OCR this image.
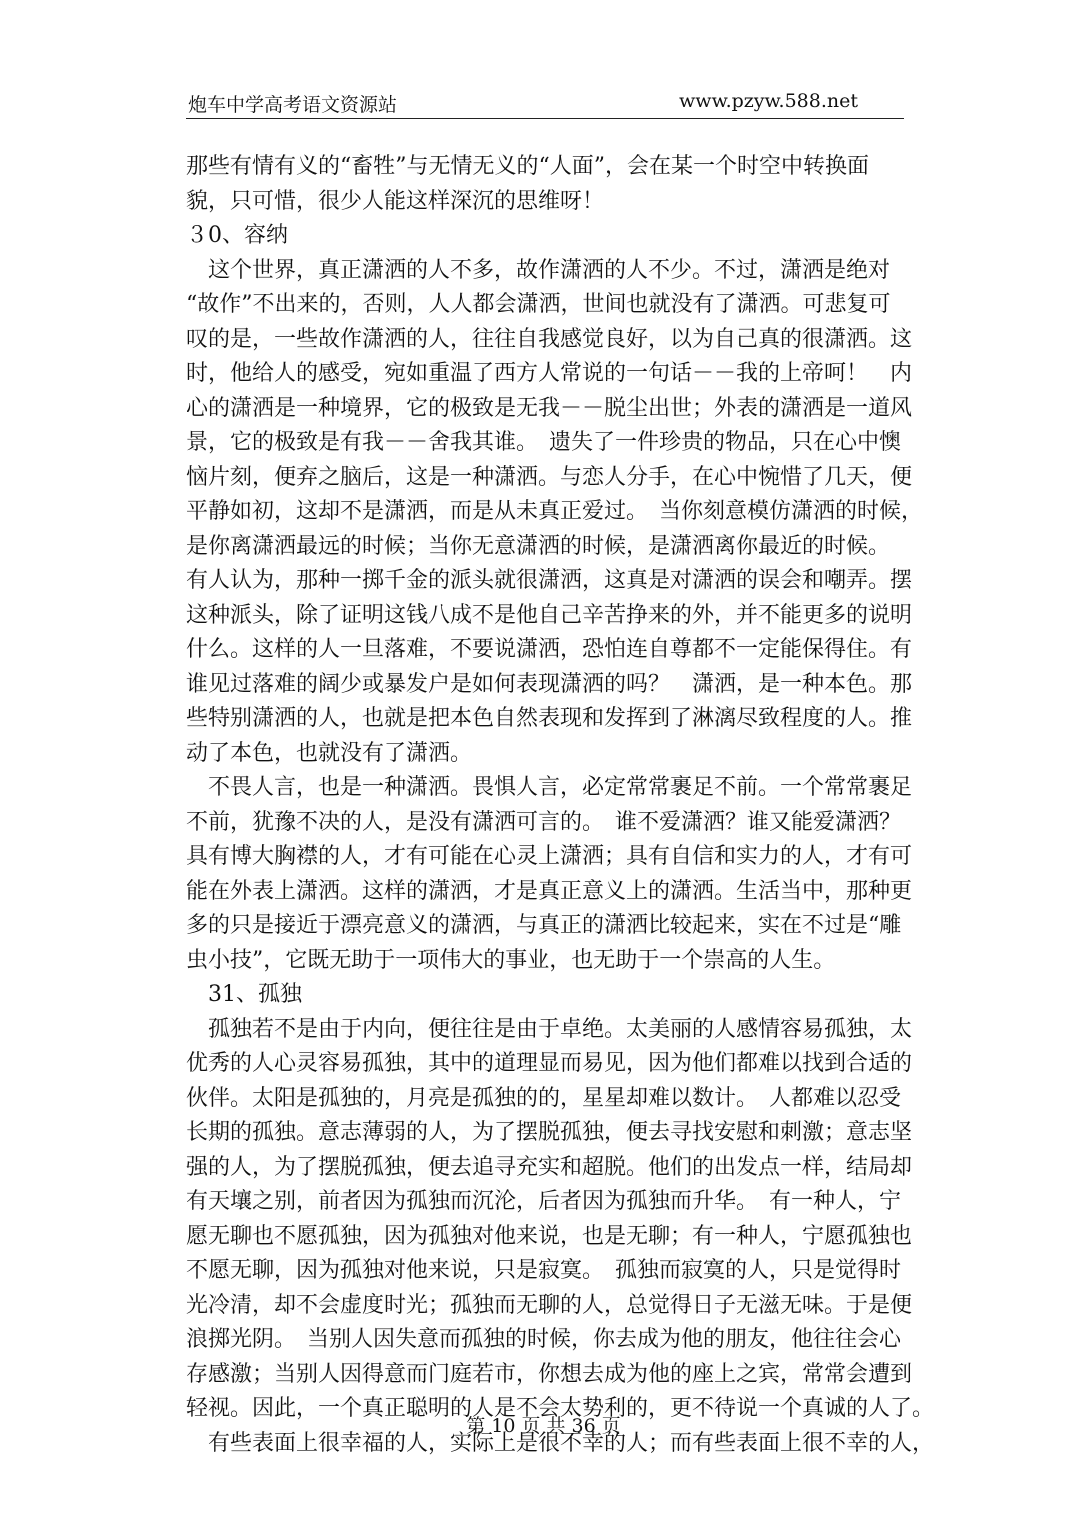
炮车中学高考语文资源站	www.pzyw.588.net
那些有情有义的“畜牲”与无情无义的“人面”，会在某一个时空中转换面
貌，只可惜，很少人能这样深沉的思维呀！
３0、容纳
　这个世界，真正潇洒的人不多，故作潇洒的人不少。不过，潇洒是绝对
“故作”不出来的，否则，人人都会潇洒，世间也就没有了潇洒。可悲复可
叹的是，一些故作潇洒的人，往往自我感觉良好，以为自己真的很潇洒。这
时，他给人的感受，宛如重温了西方人常说的一句话－－我的上帝呵！　内
心的潇洒是一种境界，它的极致是无我－－脱尘出世；外表的潇洒是一道风
景，它的极致是有我－－舍我其谁。　遗失了一件珍贵的物品，只在心中懊
恼片刻，便弃之脑后，这是一种潇洒。与恋人分手，在心中惋惜了几天，便
平静如初，这却不是潇洒，而是从未真正爱过。　当你刻意模仿潇洒的时候，
是你离潇洒最远的时候；当你无意潇洒的时候，是潇洒离你最近的时候。
有人认为，那种一掷千金的派头就很潇洒，这真是对潇洒的误会和嘲弄。摆
这种派头，除了证明这钱八成不是他自己辛苦挣来的外，并不能更多的说明
什么。这样的人一旦落难，不要说潇洒，恐怕连自尊都不一定能保得住。有
谁见过落难的阔少或暴发户是如何表现潇洒的吗？　潇洒，是一种本色。那
些特别潇洒的人，也就是把本色自然表现和发挥到了淋漓尽致程度的人。推
动了本色，也就没有了潇洒。
　不畏人言，也是一种潇洒。畏惧人言，必定常常裹足不前。一个常常裹足
不前，犹豫不决的人，是没有潇洒可言的。　谁不爱潇洒？谁又能爱潇洒？
具有博大胸襟的人，才有可能在心灵上潇洒；具有自信和实力的人，才有可
能在外表上潇洒。这样的潇洒，才是真正意义上的潇洒。生活当中，那种更
多的只是接近于漂亮意义的潇洒，与真正的潇洒比较起来，实在不过是“雕
虫小技”，它既无助于一项伟大的事业，也无助于一个崇高的人生。
　31、孤独
　孤独若不是由于内向，便往往是由于卓绝。太美丽的人感情容易孤独，太
优秀的人心灵容易孤独，其中的道理显而易见，因为他们都难以找到合适的
伙伴。太阳是孤独的，月亮是孤独的的，星星却难以数计。　人都难以忍受
长期的孤独。意志薄弱的人，为了摆脱孤独，便去寻找安慰和刺激；意志坚
强的人，为了摆脱孤独，便去追寻充实和超脱。他们的出发点一样，结局却
有天壤之别，前者因为孤独而沉沦，后者因为孤独而升华。　有一种人，宁
愿无聊也不愿孤独，因为孤独对他来说，也是无聊；有一种人，宁愿孤独也
不愿无聊，因为孤独对他来说，只是寂寞。　孤独而寂寞的人，只是觉得时
光冷清，却不会虚度时光；孤独而无聊的人，总觉得日子无滋无味。于是便
浪掷光阴。　当别人因失意而孤独的时候，你去成为他的朋友，他往往会心
存感激；当别人因得意而门庭若市，你想去成为他的座上之宾，常常会遭到
轻视。因此，一个真正聪明的人是不会太势利的，更不待说一个真诚的人了。
　有些表面上很幸福的人，实际上是很不幸的人；而有些表面上很不幸的人，
第 10 页 共 36 页
